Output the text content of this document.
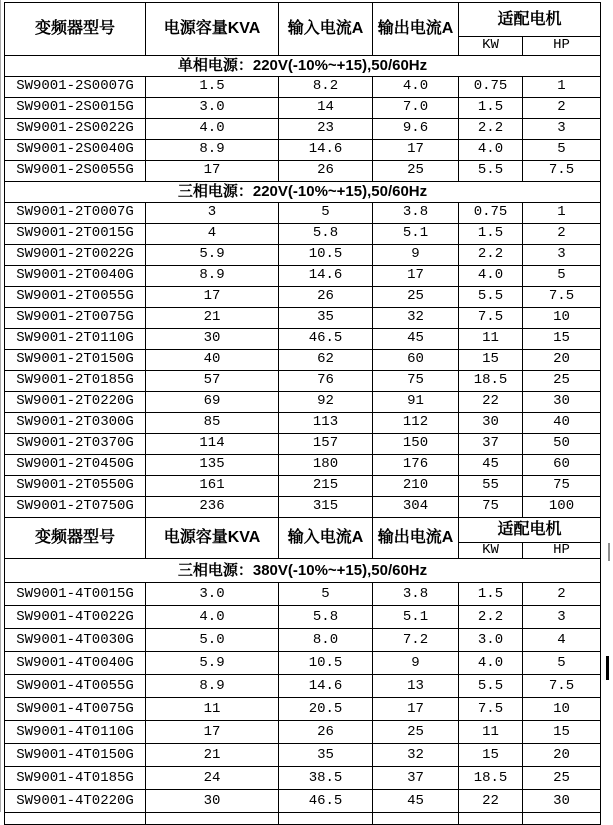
变频器型号	电源容量KVA	输入电流A	输出电流A	适配电机	
				KW	HP
单相电源：220V(-10%~+15),50/60Hz					
SW9001-2S0007G	1.5	8.2	4.0	0.75	1
SW9001-2S0015G	3.0	14	7.0	1.5	2
SW9001-2S0022G	4.0	23	9.6	2.2	3
SW9001-2S0040G	8.9	14.6	17	4.0	5
SW9001-2S0055G	17	26	25	5.5	7.5
三相电源：220V(-10%~+15),50/60Hz					
SW9001-2T0007G	3	5	3.8	0.75	1
SW9001-2T0015G	4	5.8	5.1	1.5	2
SW9001-2T0022G	5.9	10.5	9	2.2	3
SW9001-2T0040G	8.9	14.6	17	4.0	5
SW9001-2T0055G	17	26	25	5.5	7.5
SW9001-2T0075G	21	35	32	7.5	10
SW9001-2T0110G	30	46.5	45	11	15
SW9001-2T0150G	40	62	60	15	20
SW9001-2T0185G	57	76	75	18.5	25
SW9001-2T0220G	69	92	91	22	30
SW9001-2T0300G	85	113	112	30	40
SW9001-2T0370G	114	157	150	37	50
SW9001-2T0450G	135	180	176	45	60
SW9001-2T0550G	161	215	210	55	75
SW9001-2T0750G	236	315	304	75	100
变频器型号	电源容量KVA	输入电流A	输出电流A	适配电机	
				KW	HP
三相电源：380V(-10%~+15),50/60Hz					
SW9001-4T0015G	3.0	5	3.8	1.5	2
SW9001-4T0022G	4.0	5.8	5.1	2.2	3
SW9001-4T0030G	5.0	8.0	7.2	3.0	4
SW9001-4T0040G	5.9	10.5	9	4.0	5
SW9001-4T0055G	8.9	14.6	13	5.5	7.5
SW9001-4T0075G	11	20.5	17	7.5	10
SW9001-4T0110G	17	26	25	11	15
SW9001-4T0150G	21	35	32	15	20
SW9001-4T0185G	24	38.5	37	18.5	25
SW9001-4T0220G	30	46.5	45	22	30
